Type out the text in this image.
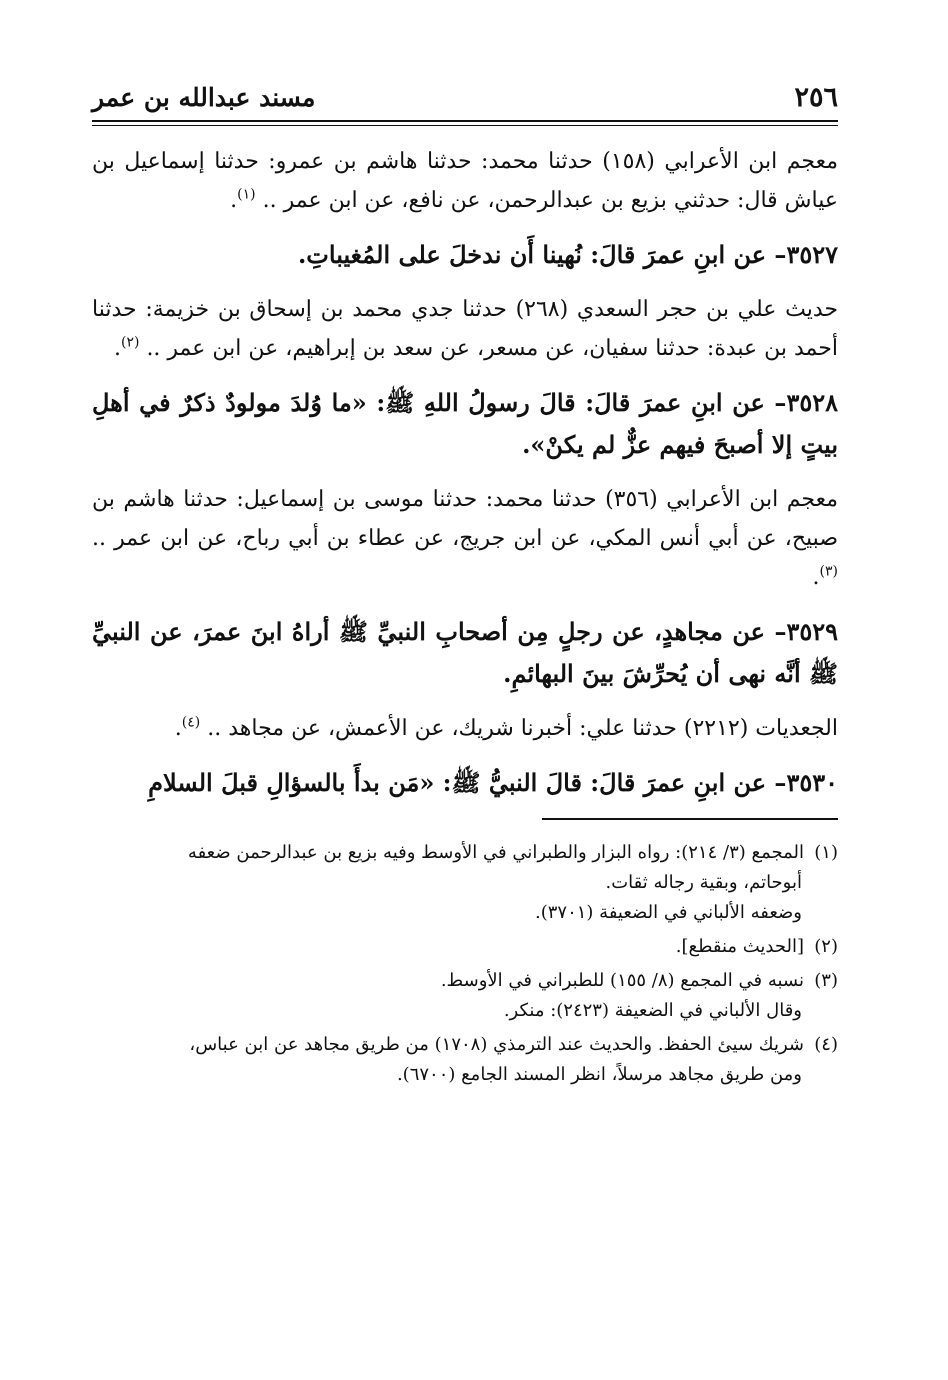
٢٥٦
مسند عبدالله بن عمر

معجم ابن الأعرابي (١٥٨) حدثنا محمد: حدثنا هاشم بن عمرو: حدثنا إسماعيل بن عياش قال: حدثني بزيع بن عبدالرحمن، عن نافع، عن ابن عمر .. $^{(١)}$.

٣٥٢٧– عن ابنِ عمرَ قالَ: نُهينا أَن ندخلَ على المُغيباتِ.

حديث علي بن حجر السعدي (٢٦٨) حدثنا جدي محمد بن إسحاق بن خزيمة: حدثنا أحمد بن عبدة: حدثنا سفيان، عن مسعر، عن سعد بن إبراهيم، عن ابن عمر .. $^{(٢)}$.

٣٥٢٨– عن ابنِ عمرَ قالَ: قالَ رسولُ اللهِ ﷺ: «ما وُلدَ مولودٌ ذكرٌ في أهلِ بيتٍ إلا أصبحَ فيهم عزٌّ لم يكنْ».

معجم ابن الأعرابي (٣٥٦) حدثنا محمد: حدثنا موسى بن إسماعيل: حدثنا هاشم بن صبيح، عن أبي أنس المكي، عن ابن جريج، عن عطاء بن أبي رباح، عن ابن عمر .. $^{(٣)}$.

٣٥٢٩– عن مجاهدٍ، عن رجلٍ مِن أصحابِ النبيِّ ﷺ أراهُ ابنَ عمرَ، عن النبيِّ ﷺ أنَّه نهى أن يُحرِّشَ بينَ البهائمِ.

الجعديات (٢٢١٢) حدثنا علي: أخبرنا شريك، عن الأعمش، عن مجاهد .. $^{(٤)}$.

٣٥٣٠– عن ابنِ عمرَ قالَ: قالَ النبيُّ ﷺ: «مَن بدأَ بالسؤالِ قبلَ السلامِ

(١)المجمع (٣/ ٢١٤): رواه البزار والطبراني في الأوسط وفيه بزيع بن عبدالرحمن ضعفه
أبوحاتم، وبقية رجاله ثقات.
وضعفه الألباني في الضعيفة (٣٧٠١).
(٢)[الحديث منقطع].
(٣)نسبه في المجمع (٨/ ١٥٥) للطبراني في الأوسط.
وقال الألباني في الضعيفة (٢٤٢٣): منكر.
(٤)شريك سيئ الحفظ. والحديث عند الترمذي (١٧٠٨) من طريق مجاهد عن ابن عباس،
ومن طريق مجاهد مرسلاً، انظر المسند الجامع (٦٧٠٠).
